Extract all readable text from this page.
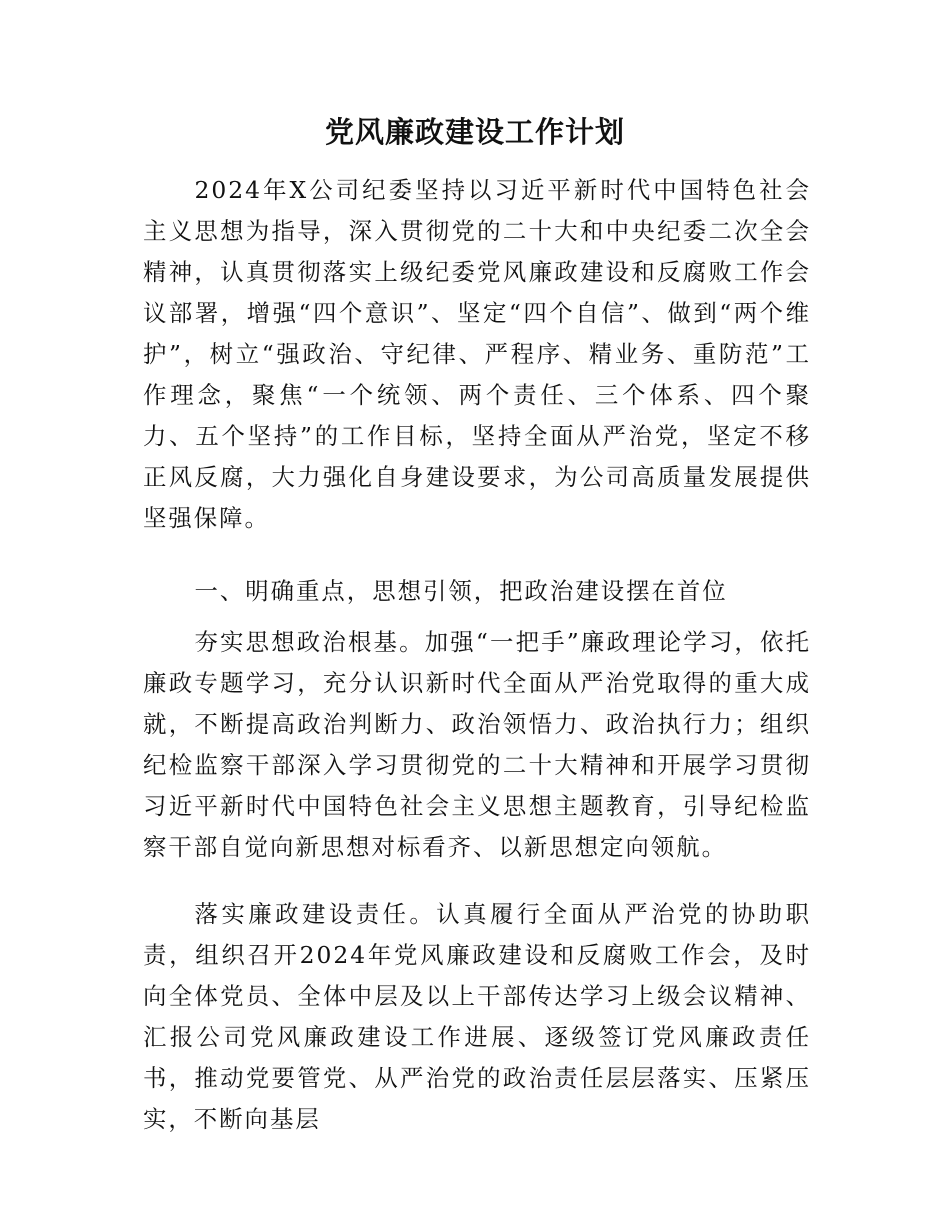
党风廉政建设工作计划
2024年X公司纪委坚持以习近平新时代中国特色社会主义思想为指导，深入贯彻党的二十大和中央纪委二次全会精神，认真贯彻落实上级纪委党风廉政建设和反腐败工作会议部署，增强“四个意识”、坚定“四个自信”、做到“两个维护”，树立“强政治、守纪律、严程序、精业务、重防范”工作理念，聚焦“一个统领、两个责任、三个体系、四个聚力、五个坚持”的工作目标，坚持全面从严治党，坚定不移正风反腐，大力强化自身建设要求，为公司高质量发展提供坚强保障。
一、明确重点，思想引领，把政治建设摆在首位
夯实思想政治根基。加强“一把手”廉政理论学习，依托廉政专题学习，充分认识新时代全面从严治党取得的重大成就，不断提高政治判断力、政治领悟力、政治执行力；组织纪检监察干部深入学习贯彻党的二十大精神和开展学习贯彻习近平新时代中国特色社会主义思想主题教育，引导纪检监察干部自觉向新思想对标看齐、以新思想定向领航。
落实廉政建设责任。认真履行全面从严治党的协助职责，组织召开2024年党风廉政建设和反腐败工作会，及时向全体党员、全体中层及以上干部传达学习上级会议精神、汇报公司党风廉政建设工作进展、逐级签订党风廉政责任书，推动党要管党、从严治党的政治责任层层落实、压紧压实，不断向基层
